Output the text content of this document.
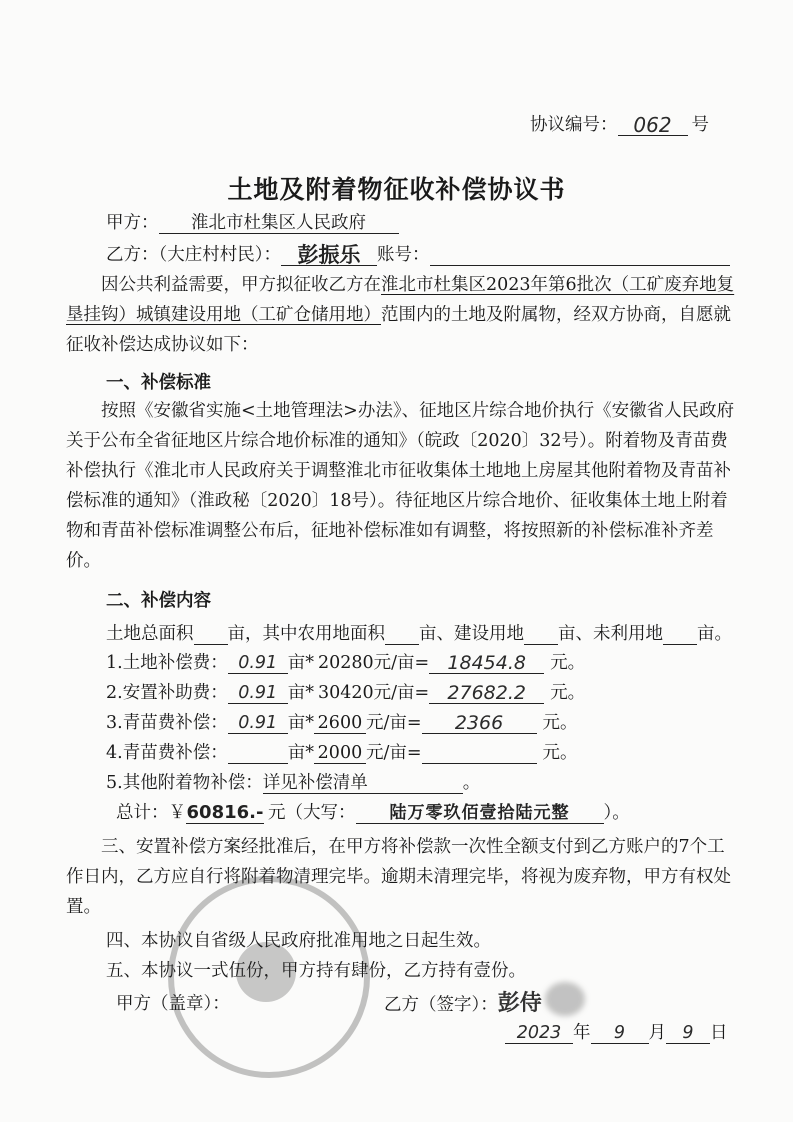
协议编号： 062 号
土地及附着物征收补偿协议书
甲方： 淮北市杜集区人民政府
乙方：（大庄村村民）： 彭振乐 账号：
因公共利益需要，甲方拟征收乙方在淮北市杜集区2023年第6批次（工矿废弃地复垦挂钩）城镇建设用地（工矿仓储用地）范围内的土地及附属物，经双方协商，自愿就征收补偿达成协议如下：
一、补偿标准
按照《安徽省实施<土地管理法>办法》、征地区片综合地价执行《安徽省人民政府关于公布全省征地区片综合地价标准的通知》（皖政〔2020〕32号）。附着物及青苗费补偿执行《淮北市人民政府关于调整淮北市征收集体土地地上房屋其他附着物及青苗补偿标准的通知》（淮政秘〔2020〕18号）。待征地区片综合地价、征收集体土地上附着物和青苗补偿标准调整公布后，征地补偿标准如有调整，将按照新的补偿标准补齐差价。
二、补偿内容
土地总面积 亩，其中农用地面积 亩、建设用地 亩、未利用地 亩。
1.土地补偿费： 0.91 亩* 20280元/亩= 18454.8 元。
2.安置补助费： 0.91 亩* 30420元/亩= 27682.2 元。
3.青苗费补偿： 0.91 亩* 2600 元/亩= 2366 元。
4.青苗费补偿：	亩* 2000 元/亩=	元。
5.其他附着物补偿：详见补偿清单	。
总计：￥60816.- 元（大写： 陆万零玖佰壹拾陆元整 ）。
三、安置补偿方案经批准后，在甲方将补偿款一次性全额支付到乙方账户的7个工作日内，乙方应自行将附着物清理完毕。逾期未清理完毕，将视为废弃物，甲方有权处置。
四、本协议自省级人民政府批准用地之日起生效。
五、本协议一式伍份，甲方持有肆份，乙方持有壹份。
甲方（盖章）：	乙方（签字）：彭侍
2023 年 9 月 9 日
